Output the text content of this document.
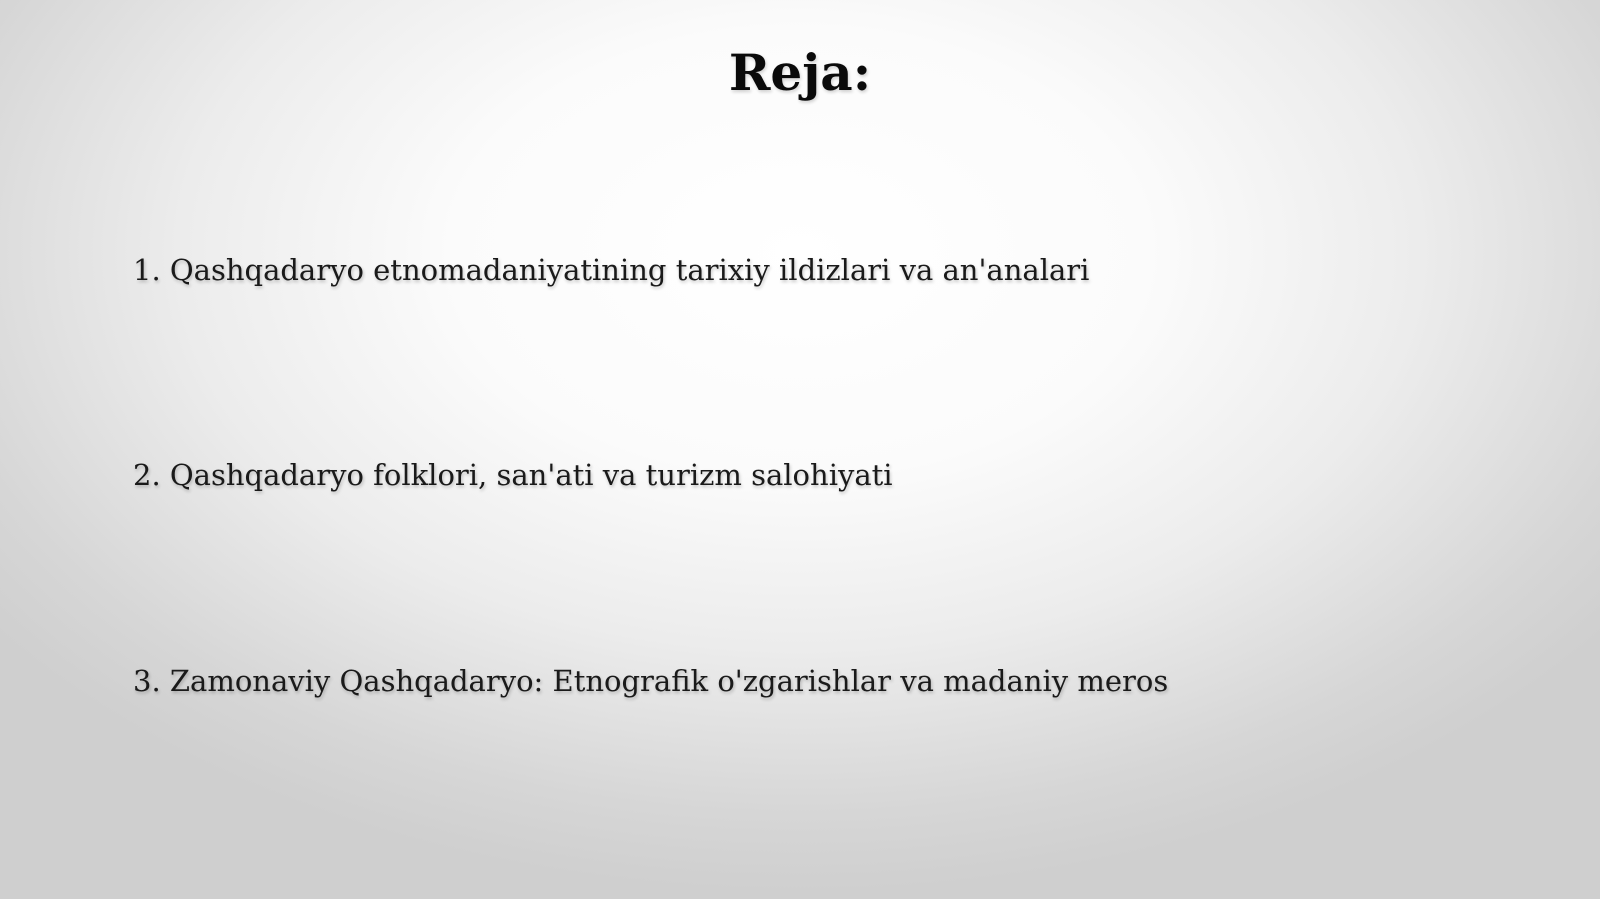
Reja:

1. Qashqadaryo etnomadaniyatining tarixiy ildizlari va an'analari

2. Qashqadaryo folklori, san'ati va turizm salohiyati

3. Zamonaviy Qashqadaryo: Etnografik o'zgarishlar va madaniy meros
